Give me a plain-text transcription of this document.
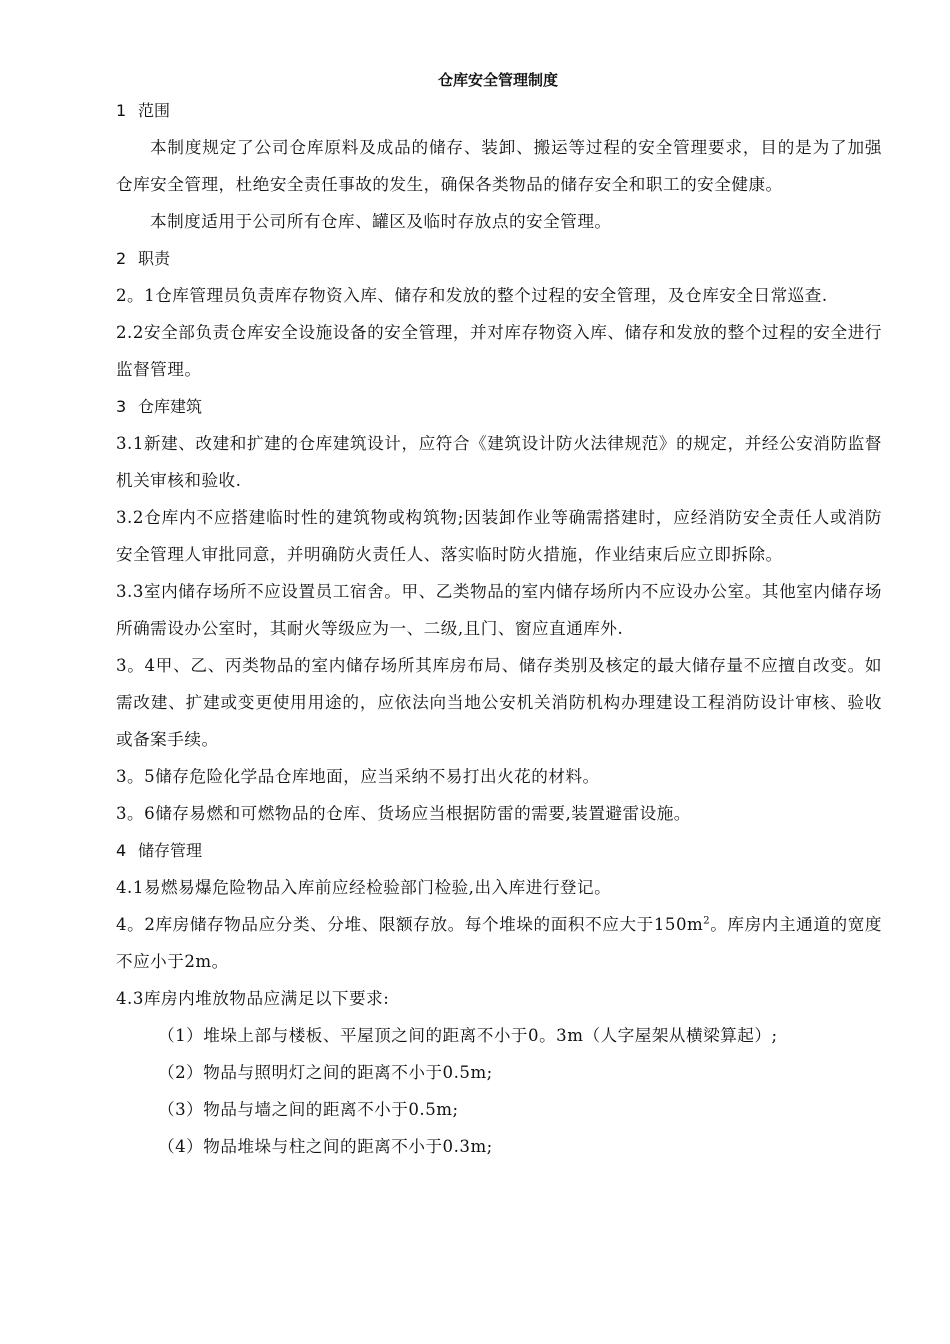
仓库安全管理制度

1 范围

本制度规定了公司仓库原料及成品的储存、装卸、搬运等过程的安全管理要求，目的是为了加强仓库安全管理，杜绝安全责任事故的发生，确保各类物品的储存安全和职工的安全健康。

本制度适用于公司所有仓库、罐区及临时存放点的安全管理。

2 职责

2。1仓库管理员负责库存物资入库、储存和发放的整个过程的安全管理，及仓库安全日常巡查.

2.2安全部负责仓库安全设施设备的安全管理，并对库存物资入库、储存和发放的整个过程的安全进行监督管理。

3 仓库建筑

3.1新建、改建和扩建的仓库建筑设计，应符合《建筑设计防火法律规范》的规定，并经公安消防监督机关审核和验收.

3.2仓库内不应搭建临时性的建筑物或构筑物;因装卸作业等确需搭建时，应经消防安全责任人或消防安全管理人审批同意，并明确防火责任人、落实临时防火措施，作业结束后应立即拆除。

3.3室内储存场所不应设置员工宿舍。甲、乙类物品的室内储存场所内不应设办公室。其他室内储存场所确需设办公室时，其耐火等级应为一、二级,且门、窗应直通库外.

3。4甲、乙、丙类物品的室内储存场所其库房布局、储存类别及核定的最大储存量不应擅自改变。如需改建、扩建或变更使用用途的，应依法向当地公安机关消防机构办理建设工程消防设计审核、验收或备案手续。

3。5储存危险化学品仓库地面，应当采纳不易打出火花的材料。

3。6储存易燃和可燃物品的仓库、货场应当根据防雷的需要,装置避雷设施。

4 储存管理

4.1易燃易爆危险物品入库前应经检验部门检验,出入库进行登记。

4。2库房储存物品应分类、分堆、限额存放。每个堆垛的面积不应大于$150m^2$。库房内主通道的宽度不应小于2m。

4.3库房内堆放物品应满足以下要求:

（1）堆垛上部与楼板、平屋顶之间的距离不小于0。3m（人字屋架从横梁算起）;

（2）物品与照明灯之间的距离不小于0.5m;

（3）物品与墙之间的距离不小于0.5m;

（4）物品堆垛与柱之间的距离不小于0.3m;
